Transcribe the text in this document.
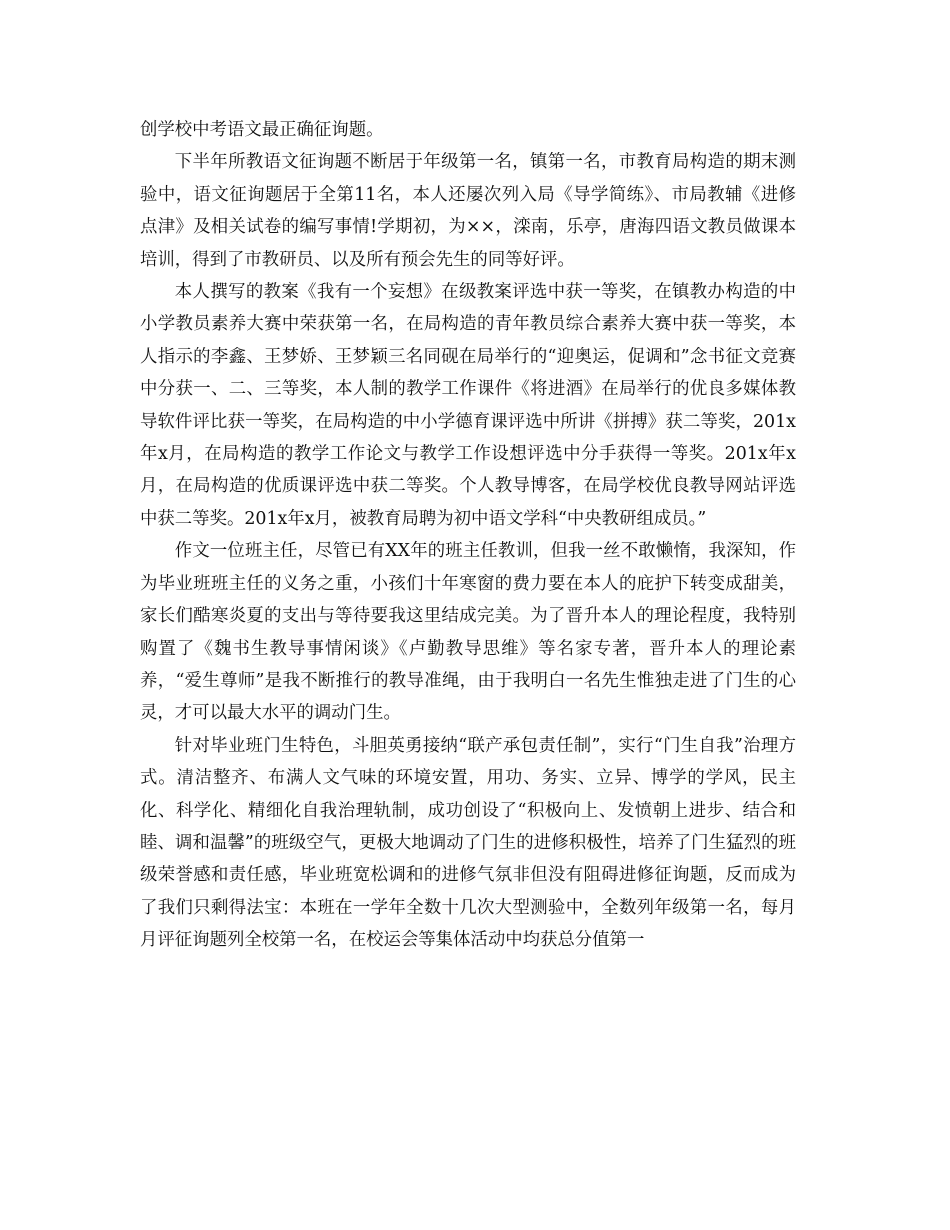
创学校中考语文最正确征询题。

下半年所教语文征询题不断居于年级第一名，镇第一名，市教育局构造的期末测验中，语文征询题居于全第11名，本人还屡次列入局《导学简练》、市局教辅《进修点津》及相关试卷的编写事情!学期初，为××，滦南，乐亭，唐海四语文教员做课本培训，得到了市教研员、以及所有预会先生的同等好评。

本人撰写的教案《我有一个妄想》在级教案评选中获一等奖，在镇教办构造的中小学教员素养大赛中荣获第一名，在局构造的青年教员综合素养大赛中获一等奖，本人指示的李鑫、王梦娇、王梦颖三名同砚在局举行的“迎奥运，促调和”念书征文竞赛中分获一、二、三等奖，本人制的教学工作课件《将进酒》在局举行的优良多媒体教导软件评比获一等奖，在局构造的中小学德育课评选中所讲《拼搏》获二等奖，201x年x月，在局构造的教学工作论文与教学工作设想评选中分手获得一等奖。201x年x月，在局构造的优质课评选中获二等奖。个人教导博客，在局学校优良教导网站评选中获二等奖。201x年x月，被教育局聘为初中语文学科“中央教研组成员。”

作文一位班主任，尽管已有XX年的班主任教训，但我一丝不敢懒惰，我深知，作为毕业班班主任的义务之重，小孩们十年寒窗的费力要在本人的庇护下转变成甜美，家长们酷寒炎夏的支出与等待要我这里结成完美。为了晋升本人的理论程度，我特别购置了《魏书生教导事情闲谈》《卢勤教导思维》等名家专著，晋升本人的理论素养，“爱生尊师”是我不断推行的教导准绳，由于我明白一名先生惟独走进了门生的心灵，才可以最大水平的调动门生。

针对毕业班门生特色，斗胆英勇接纳“联产承包责任制”，实行“门生自我”治理方式。清洁整齐、布满人文气味的环境安置，用功、务实、立异、博学的学风，民主化、科学化、精细化自我治理轨制，成功创设了“积极向上、发愤朝上进步、结合和睦、调和温馨”的班级空气，更极大地调动了门生的进修积极性，培养了门生猛烈的班级荣誉感和责任感，毕业班宽松调和的进修气氛非但没有阻碍进修征询题，反而成为了我们只剩得法宝：本班在一学年全数十几次大型测验中，全数列年级第一名，每月月评征询题列全校第一名，在校运会等集体活动中均获总分值第一
